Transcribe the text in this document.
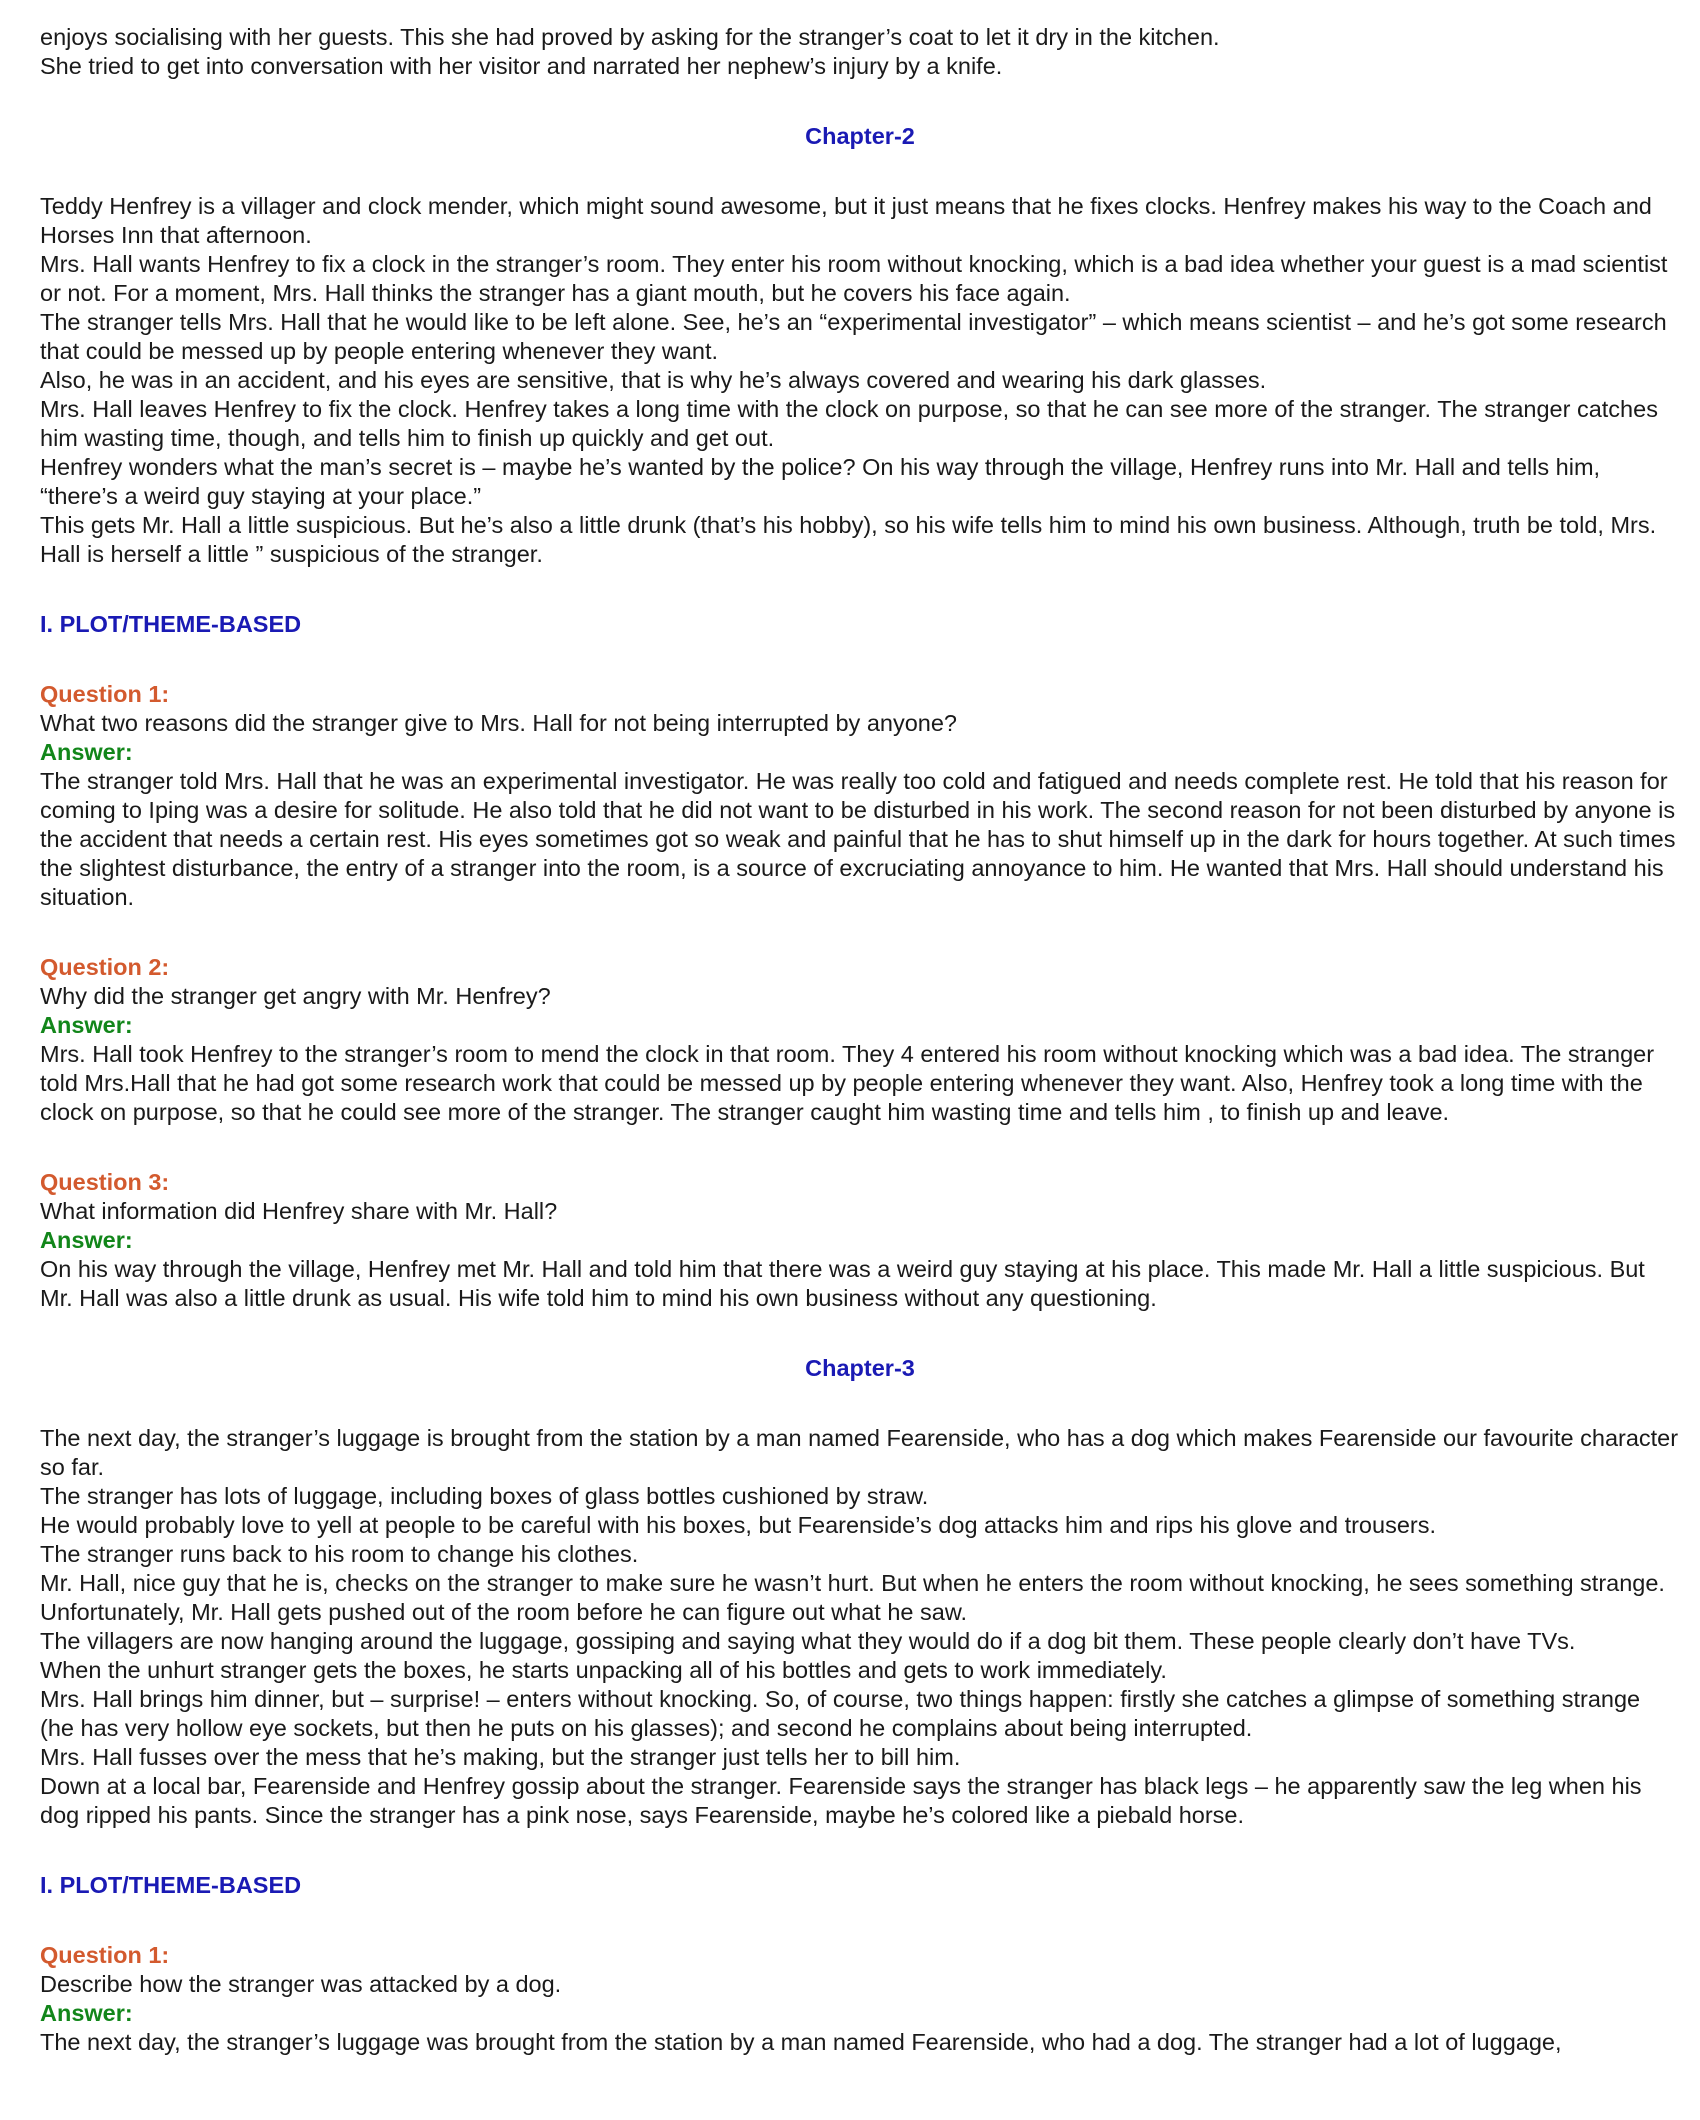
enjoys socialising with her guests. This she had proved by asking for the stranger’s coat to let it dry in the kitchen.

She tried to get into conversation with her visitor and narrated her nephew’s injury by a knife.

Chapter-2

Teddy Henfrey is a villager and clock mender, which might sound awesome, but it just means that he fixes clocks. Henfrey makes his way to the Coach and Horses Inn that afternoon.

Mrs. Hall wants Henfrey to fix a clock in the stranger’s room. They enter his room without knocking, which is a bad idea whether your guest is a mad scientist or not. For a moment, Mrs. Hall thinks the stranger has a giant mouth, but he covers his face again.

The stranger tells Mrs. Hall that he would like to be left alone. See, he’s an “experimental investigator” – which means scientist – and he’s got some research that could be messed up by people entering whenever they want.

Also, he was in an accident, and his eyes are sensitive, that is why he’s always covered and wearing his dark glasses.

Mrs. Hall leaves Henfrey to fix the clock. Henfrey takes a long time with the clock on purpose, so that he can see more of the stranger. The stranger catches him wasting time, though, and tells him to finish up quickly and get out.

Henfrey wonders what the man’s secret is – maybe he’s wanted by the police? On his way through the village, Henfrey runs into Mr. Hall and tells him, “there’s a weird guy staying at your place.”

This gets Mr. Hall a little suspicious. But he’s also a little drunk (that’s his hobby), so his wife tells him to mind his own business. Although, truth be told, Mrs. Hall is herself a little ” suspicious of the stranger.

I. PLOT/THEME-BASED

Question 1:

What two reasons did the stranger give to Mrs. Hall for not being interrupted by anyone?

Answer:

The stranger told Mrs. Hall that he was an experimental investigator. He was really too cold and fatigued and needs complete rest. He told that his reason for coming to Iping was a desire for solitude. He also told that he did not want to be disturbed in his work. The second reason for not been disturbed by anyone is the accident that needs a certain rest. His eyes sometimes got so weak and painful that he has to shut himself up in the dark for hours together. At such times the slightest disturbance, the entry of a stranger into the room, is a source of excruciating annoyance to him. He wanted that Mrs. Hall should understand his situation.

Question 2:

Why did the stranger get angry with Mr. Henfrey?

Answer:

Mrs. Hall took Henfrey to the stranger’s room to mend the clock in that room. They 4 entered his room without knocking which was a bad idea. The stranger told Mrs.Hall that he had got some research work that could be messed up by people entering whenever they want. Also, Henfrey took a long time with the clock on purpose, so that he could see more of the stranger. The stranger caught him wasting time and tells him , to finish up and leave.

Question 3:

What information did Henfrey share with Mr. Hall?

Answer:

On his way through the village, Henfrey met Mr. Hall and told him that there was a weird guy staying at his place. This made Mr. Hall a little suspicious. But Mr. Hall was also a little drunk as usual. His wife told him to mind his own business without any questioning.

Chapter-3

The next day, the stranger’s luggage is brought from the station by a man named Fearenside, who has a dog which makes Fearenside our favourite character so far.

The stranger has lots of luggage, including boxes of glass bottles cushioned by straw.

He would probably love to yell at people to be careful with his boxes, but Fearenside’s dog attacks him and rips his glove and trousers.

The stranger runs back to his room to change his clothes.

Mr. Hall, nice guy that he is, checks on the stranger to make sure he wasn’t hurt. But when he enters the room without knocking, he sees something strange. Unfortunately, Mr. Hall gets pushed out of the room before he can figure out what he saw.

The villagers are now hanging around the luggage, gossiping and saying what they would do if a dog bit them. These people clearly don’t have TVs.

When the unhurt stranger gets the boxes, he starts unpacking all of his bottles and gets to work immediately.

Mrs. Hall brings him dinner, but – surprise! – enters without knocking. So, of course, two things happen: firstly she catches a glimpse of something strange (he has very hollow eye sockets, but then he puts on his glasses); and second he complains about being interrupted.

Mrs. Hall fusses over the mess that he’s making, but the stranger just tells her to bill him.

Down at a local bar, Fearenside and Henfrey gossip about the stranger. Fearenside says the stranger has black legs – he apparently saw the leg when his dog ripped his pants. Since the stranger has a pink nose, says Fearenside, maybe he’s colored like a piebald horse.

I. PLOT/THEME-BASED

Question 1:

Describe how the stranger was attacked by a dog.

Answer:

The next day, the stranger’s luggage was brought from the station by a man named Fearenside, who had a dog. The stranger had a lot of luggage,
